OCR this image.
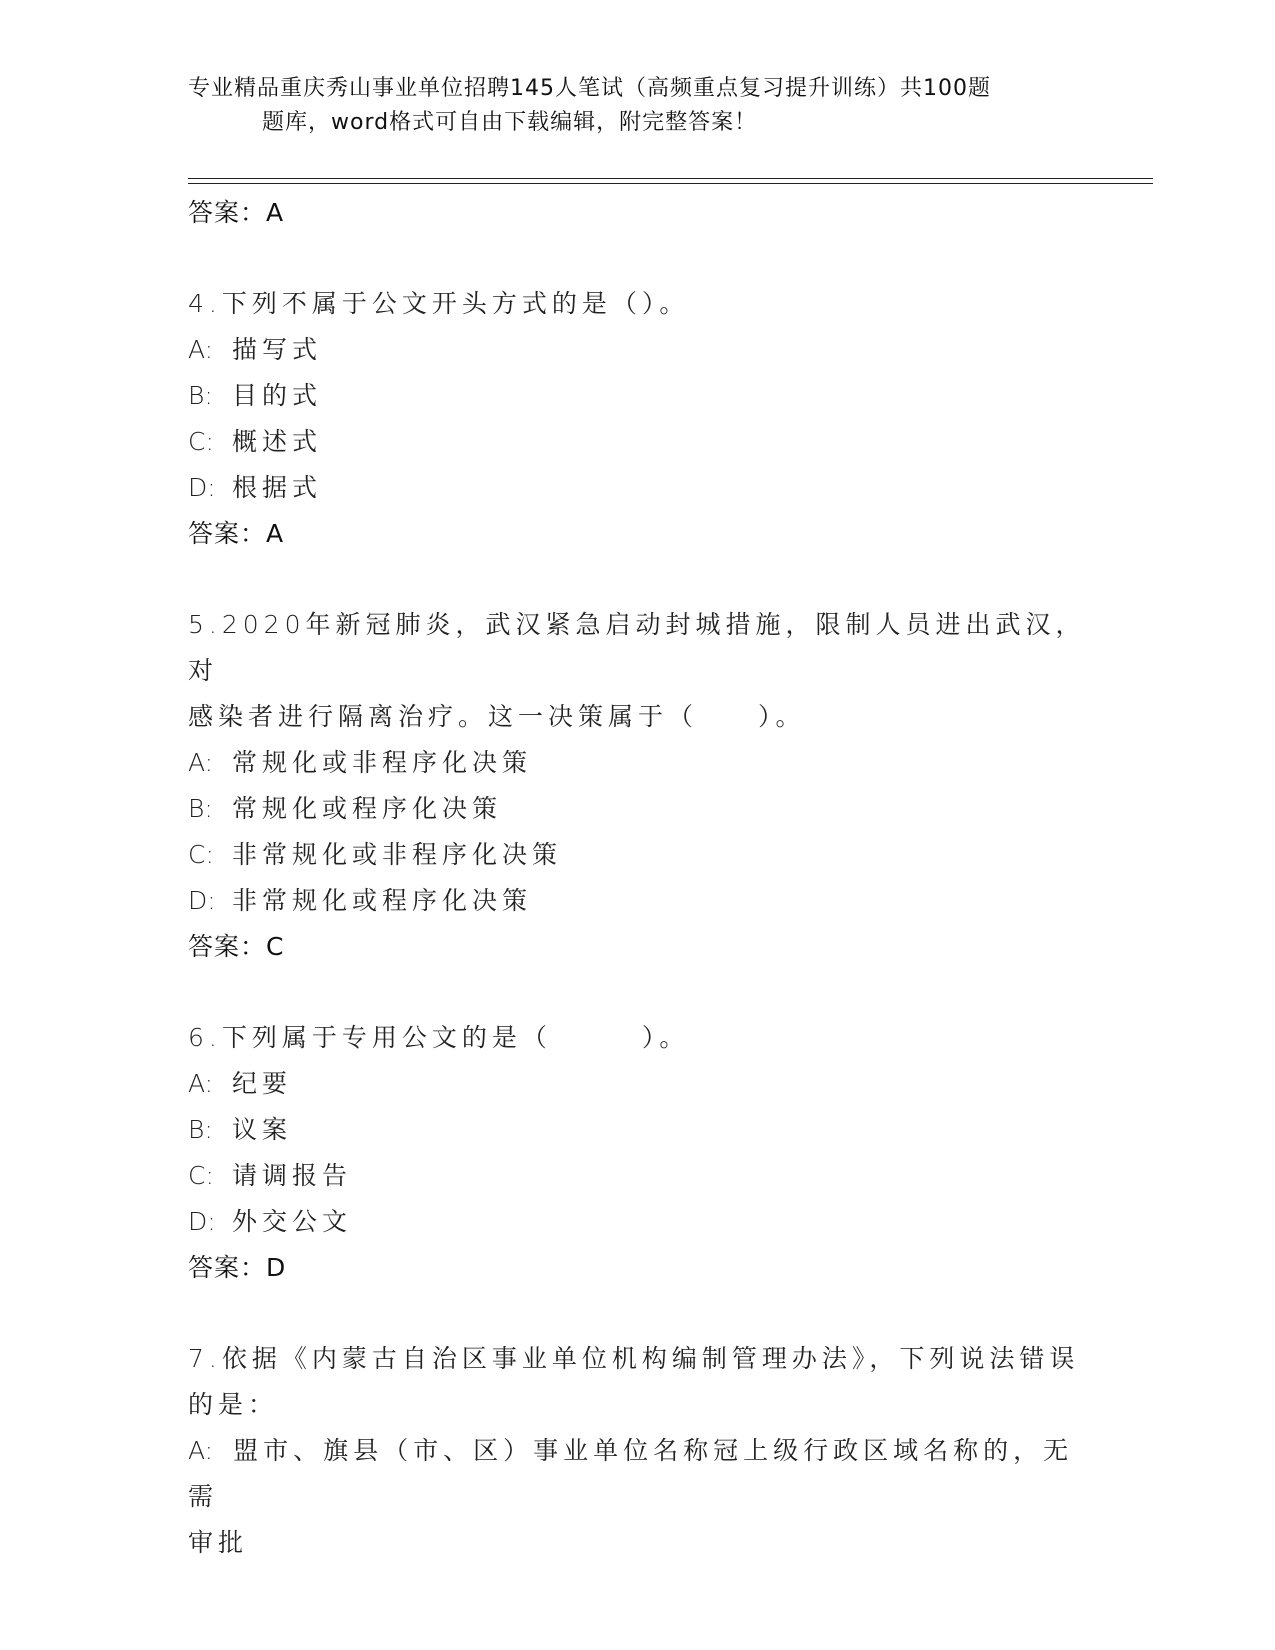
专业精品重庆秀山事业单位招聘145人笔试（高频重点复习提升训练）共100题
题库，word格式可自由下载编辑，附完整答案！
答案：A
4.下列不属于公文开头方式的是（）。
A: 描写式
B: 目的式
C: 概述式
D: 根据式
答案：A
5.2020年新冠肺炎，武汉紧急启动封城措施，限制人员进出武汉，对
感染者进行隔离治疗。这一决策属于（　　）。
A: 常规化或非程序化决策
B: 常规化或程序化决策
C: 非常规化或非程序化决策
D: 非常规化或程序化决策
答案：C
6.下列属于专用公文的是（　　　）。
A: 纪要
B: 议案
C: 请调报告
D: 外交公文
答案：D
7.依据《内蒙古自治区事业单位机构编制管理办法》，下列说法错误
的是：
A: 盟市、旗县（市、区）事业单位名称冠上级行政区域名称的，无需
审批
